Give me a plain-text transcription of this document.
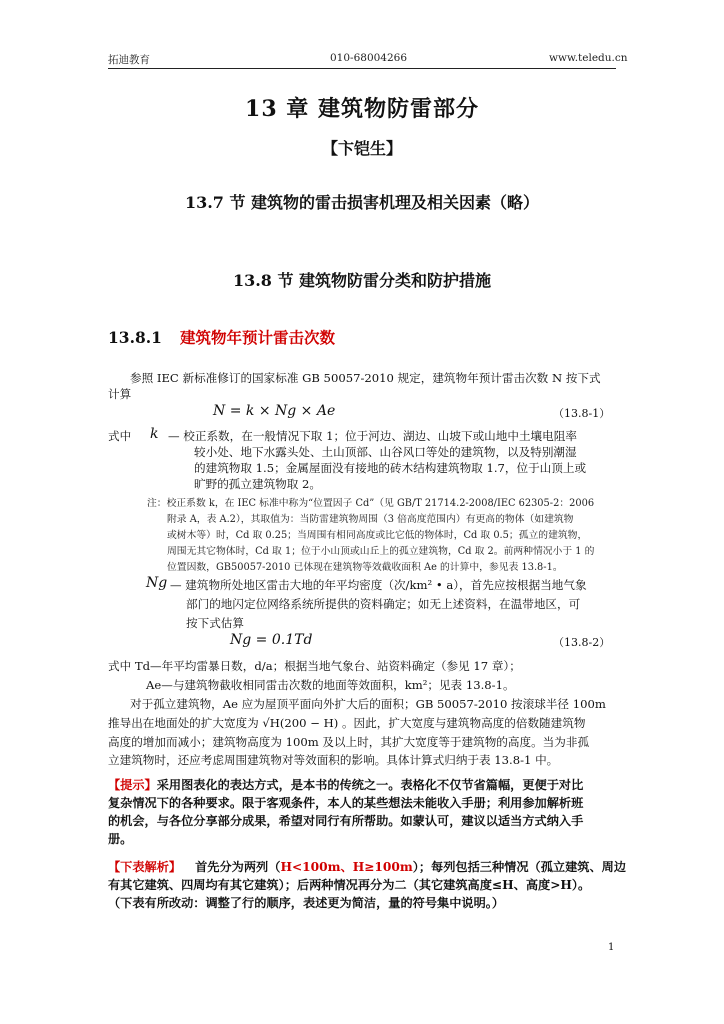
拓迪教育	010-68004266	www.teledu.cn
13 章 建筑物防雷部分
【卞铠生】
13.7 节 建筑物的雷击损害机理及相关因素（略）
13.8 节 建筑物防雷分类和防护措施
13.8.1 建筑物年预计雷击次数
参照 IEC 新标准修订的国家标准 GB 50057-2010 规定，建筑物年预计雷击次数 N 按下式
计算
N = k × Ng × Ae	（13.8-1）
式中 k — 校正系数，在一般情况下取 1；位于河边、湖边、山坡下或山地中土壤电阻率
较小处、地下水露头处、土山顶部、山谷风口等处的建筑物，以及特别潮湿
的建筑物取 1.5；金属屋面没有接地的砖木结构建筑物取 1.7，位于山顶上或
旷野的孤立建筑物取 2。
注：校正系数 k，在 IEC 标准中称为“位置因子 Cd”（见 GB/T 21714.2-2008/IEC 62305-2：2006
附录 A，表 A.2），其取值为：当防雷建筑物周围（3 倍高度范围内）有更高的物体（如建筑物
或树木等）时，Cd 取 0.25；当周围有相同高度或比它低的物体时，Cd 取 0.5；孤立的建筑物，
周围无其它物体时，Cd 取 1；位于小山顶或山丘上的孤立建筑物，Cd 取 2。前两种情况小于 1 的
位置因数，GB50057-2010 已体现在建筑物等效截收面积 Ae 的计算中，参见表 13.8-1。
Ng — 建筑物所处地区雷击大地的年平均密度（次/km² • a），首先应按根据当地气象
部门的地闪定位网络系统所提供的资料确定；如无上述资料，在温带地区，可
按下式估算
Ng = 0.1Td	（13.8-2）
式中 Td—年平均雷暴日数，d/a；根据当地气象台、站资料确定（参见 17 章）；
Ae—与建筑物截收相同雷击次数的地面等效面积，km²；见表 13.8-1。
对于孤立建筑物，Ae 应为屋顶平面向外扩大后的面积；GB 50057-2010 按滚球半径 100m
推导出在地面处的扩大宽度为 √H(200 − H) 。因此，扩大宽度与建筑物高度的倍数随建筑物
高度的增加而减小；建筑物高度为 100m 及以上时，其扩大宽度等于建筑物的高度。当为非孤
立建筑物时，还应考虑周围建筑物对等效面积的影响。具体计算式归纳于表 13.8-1 中。
【提示】采用图表化的表达方式，是本书的传统之一。表格化不仅节省篇幅，更便于对比
复杂情况下的各种要求。限于客观条件，本人的某些想法未能收入手册；利用参加解析班
的机会，与各位分享部分成果，希望对同行有所帮助。如蒙认可，建议以适当方式纳入手
册。
【下表解析】 首先分为两列（H<100m、H≥100m）；每列包括三种情况（孤立建筑、周边
有其它建筑、四周均有其它建筑）；后两种情况再分为二（其它建筑高度≤H、高度>H）。
（下表有所改动：调整了行的顺序，表述更为简洁，量的符号集中说明。）
1
